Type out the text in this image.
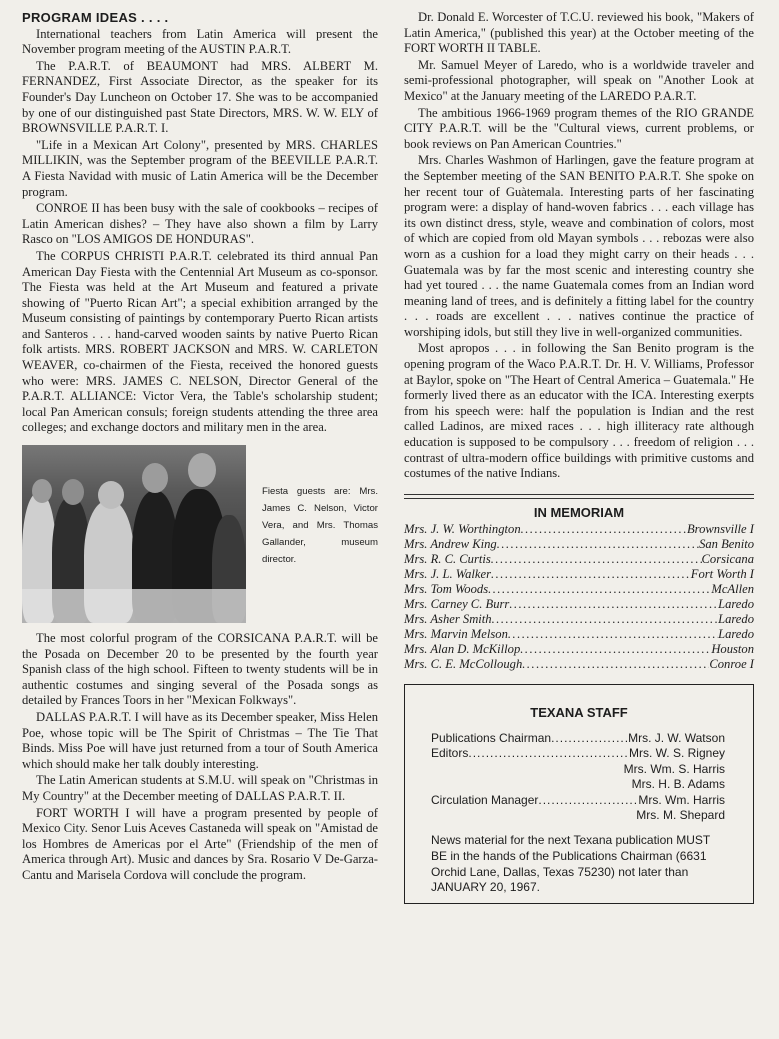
PROGRAM IDEAS . . . .

International teachers from Latin America will present the November program meeting of the AUSTIN P.A.R.T.

The P.A.R.T. of BEAUMONT had MRS. ALBERT M. FERNANDEZ, First Associate Director, as the speaker for its Founder's Day Luncheon on October 17. She was to be accompanied by one of our distinguished past State Directors, MRS. W. W. ELY of BROWNSVILLE P.A.R.T. I.

"Life in a Mexican Art Colony", presented by MRS. CHARLES MILLIKIN, was the September program of the BEEVILLE P.A.R.T. A Fiesta Navidad with music of Latin America will be the December program.

CONROE II has been busy with the sale of cookbooks – recipes of Latin American dishes? – They have also shown a film by Larry Rasco on "LOS AMIGOS DE HONDURAS".

The CORPUS CHRISTI P.A.R.T. celebrated its third annual Pan American Day Fiesta with the Centennial Art Museum as co-sponsor. The Fiesta was held at the Art Museum and featured a private showing of "Puerto Rican Art"; a special exhibition arranged by the Museum consisting of paintings by contemporary Puerto Rican artists and Santeros . . . hand-carved wooden saints by native Puerto Rican folk artists. MRS. ROBERT JACKSON and MRS. W. CARLETON WEAVER, co-chairmen of the Fiesta, received the honored guests who were: MRS. JAMES C. NELSON, Director General of the P.A.R.T. ALLIANCE: Victor Vera, the Table's scholarship student; local Pan American consuls; foreign students attending the three area colleges; and exchange doctors and military men in the area.

Fiesta guests are: Mrs. James C. Nelson, Victor Vera, and Mrs. Thomas Gallander, museum director.

The most colorful program of the CORSICANA P.A.R.T. will be the Posada on December 20 to be presented by the fourth year Spanish class of the high school. Fifteen to twenty students will be in authentic costumes and singing several of the Posada songs as detailed by Frances Toors in her "Mexican Folkways".

DALLAS P.A.R.T. I will have as its December speaker, Miss Helen Poe, whose topic will be The Spirit of Christmas – The Tie That Binds. Miss Poe will have just returned from a tour of South America which should make her talk doubly interesting.

The Latin American students at S.M.U. will speak on "Christmas in My Country" at the December meeting of DALLAS P.A.R.T. II.

FORT WORTH I will have a program presented by people of Mexico City. Senor Luis Aceves Castaneda will speak on "Amistad de los Hombres de Americas por el Arte" (Friendship of the men of America through Art). Music and dances by Sra. Rosario V De-Garza-Cantu and Marisela Cordova will conclude the program.

Dr. Donald E. Worcester of T.C.U. reviewed his book, "Makers of Latin America," (published this year) at the October meeting of the FORT WORTH II TABLE.

Mr. Samuel Meyer of Laredo, who is a worldwide traveler and semi-professional photographer, will speak on "Another Look at Mexico" at the January meeting of the LAREDO P.A.R.T.

The ambitious 1966-1969 program themes of the RIO GRANDE CITY P.A.R.T. will be the "Cultural views, current problems, or book reviews on Pan American Countries."

Mrs. Charles Washmon of Harlingen, gave the feature program at the September meeting of the SAN BENITO P.A.R.T. She spoke on her recent tour of Guàtemala. Interesting parts of her fascinating program were: a display of hand-woven fabrics . . . each village has its own distinct dress, style, weave and combination of colors, most of which are copied from old Mayan symbols . . . rebozas were also worn as a cushion for a load they might carry on their heads . . . Guatemala was by far the most scenic and interesting country she had yet toured . . . the name Guatemala comes from an Indian word meaning land of trees, and is definitely a fitting label for the country . . . roads are excellent . . . natives continue the practice of worshiping idols, but still they live in well-organized communities.

Most apropos . . . in following the San Benito program is the opening program of the Waco P.A.R.T. Dr. H. V. Williams, Professor at Baylor, spoke on "The Heart of Central America – Guatemala." He formerly lived there as an educator with the ICA. Interesting exerpts from his speech were: half the population is Indian and the rest called Ladinos, are mixed races . . . high illiteracy rate although education is supposed to be compulsory . . . freedom of religion . . . contrast of ultra-modern office buildings with primitive customs and costumes of the native Indians.

IN MEMORIAM
Mrs. J. W. Worthington .....	Brownsville I
Mrs. Andrew King .....	San Benito
Mrs. R. C. Curtis .....	Corsicana
Mrs. J. L. Walker .....	Fort Worth I
Mrs. Tom Woods .....	McAllen
Mrs. Carney C. Burr .....	Laredo
Mrs. Asher Smith .....	Laredo
Mrs. Marvin Melson .....	Laredo
Mrs. Alan D. McKillop .....	Houston
Mrs. C. E. McCollough .....	Conroe I
TEXANA STAFF
Publications Chairman .....	Mrs. J. W. Watson
Editors .....	Mrs. W. S. Rigney
Mrs. Wm. S. Harris
Mrs. H. B. Adams
Circulation Manager .....	Mrs. Wm. Harris
Mrs. M. Shepard
News material for the next Texana publication MUST BE in the hands of the Publications Chairman (6631 Orchid Lane, Dallas, Texas 75230) not later than JANUARY 20, 1967.
